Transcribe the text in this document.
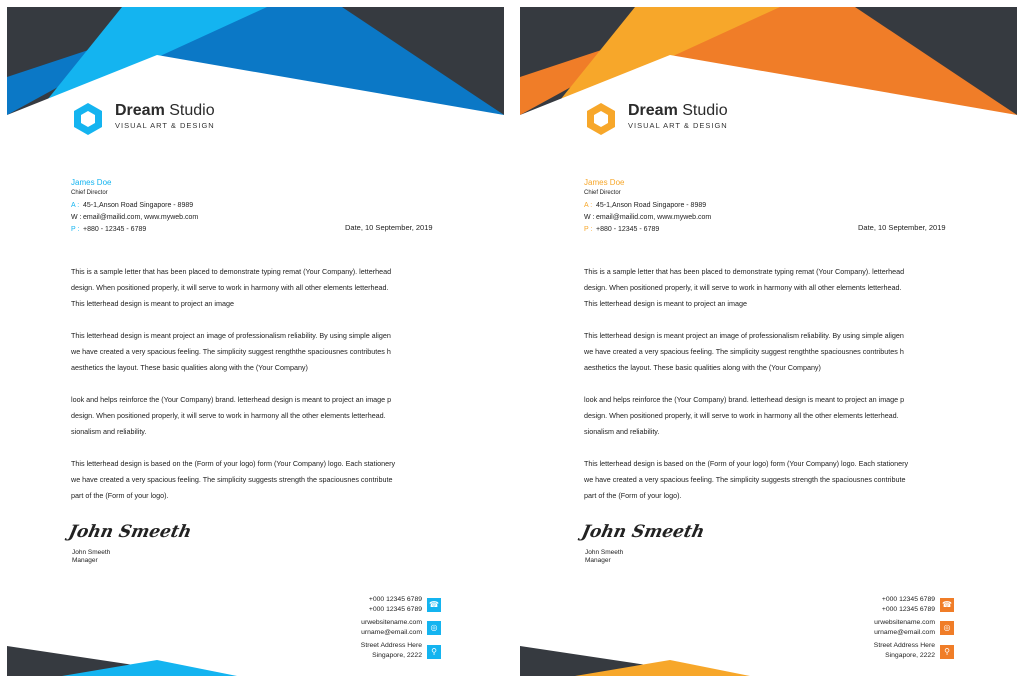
Dream Studio
VISUAL ART & DESIGN
James Doe
Chief Director
A : 45-1,Anson Road Singapore - 8989
W : email@mailid.com, www.myweb.com
P : +880 - 12345 - 6789	Date, 10 September, 2019

This is a sample letter that has been placed to demonstrate typing remat (Your Company). letterhead
design. When positioned properly, it will serve to work in harmony with all other elements letterhead.
This letterhead design is meant to project an image

This letterhead design is meant project an image of professionalism reliability. By using simple aligen
we have created a very spacious feeling. The simplicity suggest rengththe spaciousnes contributes h
aesthetics the layout. These basic qualities along with the (Your Company)

look and helps reinforce the (Your Company) brand. letterhead design is meant to project an image p
design. When positioned properly, it will serve to work in harmony all the other elements letterhead.
sionalism and reliability.

This letterhead design is based on the (Form of your logo) form (Your Company) logo. Each stationery
we have created a very spacious feeling. The simplicity suggests strength the spaciousnes contribute
part of the (Form of your logo).

John Smeeth
John Smeeth
Manager
+000 12345 6789
+000 12345 6789
urwebsitename.com
urname@email.com
Street Address Here
Singapore, 2222
☎
◎
⚲
Dream Studio
VISUAL ART & DESIGN
James Doe
Chief Director
A : 45-1,Anson Road Singapore - 8989
W : email@mailid.com, www.myweb.com
P : +880 - 12345 - 6789	Date, 10 September, 2019

This is a sample letter that has been placed to demonstrate typing remat (Your Company). letterhead
design. When positioned properly, it will serve to work in harmony with all other elements letterhead.
This letterhead design is meant to project an image

This letterhead design is meant project an image of professionalism reliability. By using simple aligen
we have created a very spacious feeling. The simplicity suggest rengththe spaciousnes contributes h
aesthetics the layout. These basic qualities along with the (Your Company)

look and helps reinforce the (Your Company) brand. letterhead design is meant to project an image p
design. When positioned properly, it will serve to work in harmony all the other elements letterhead.
sionalism and reliability.

This letterhead design is based on the (Form of your logo) form (Your Company) logo. Each stationery
we have created a very spacious feeling. The simplicity suggests strength the spaciousnes contribute
part of the (Form of your logo).

John Smeeth
John Smeeth
Manager
+000 12345 6789
+000 12345 6789
urwebsitename.com
urname@email.com
Street Address Here
Singapore, 2222
☎
◎
⚲
